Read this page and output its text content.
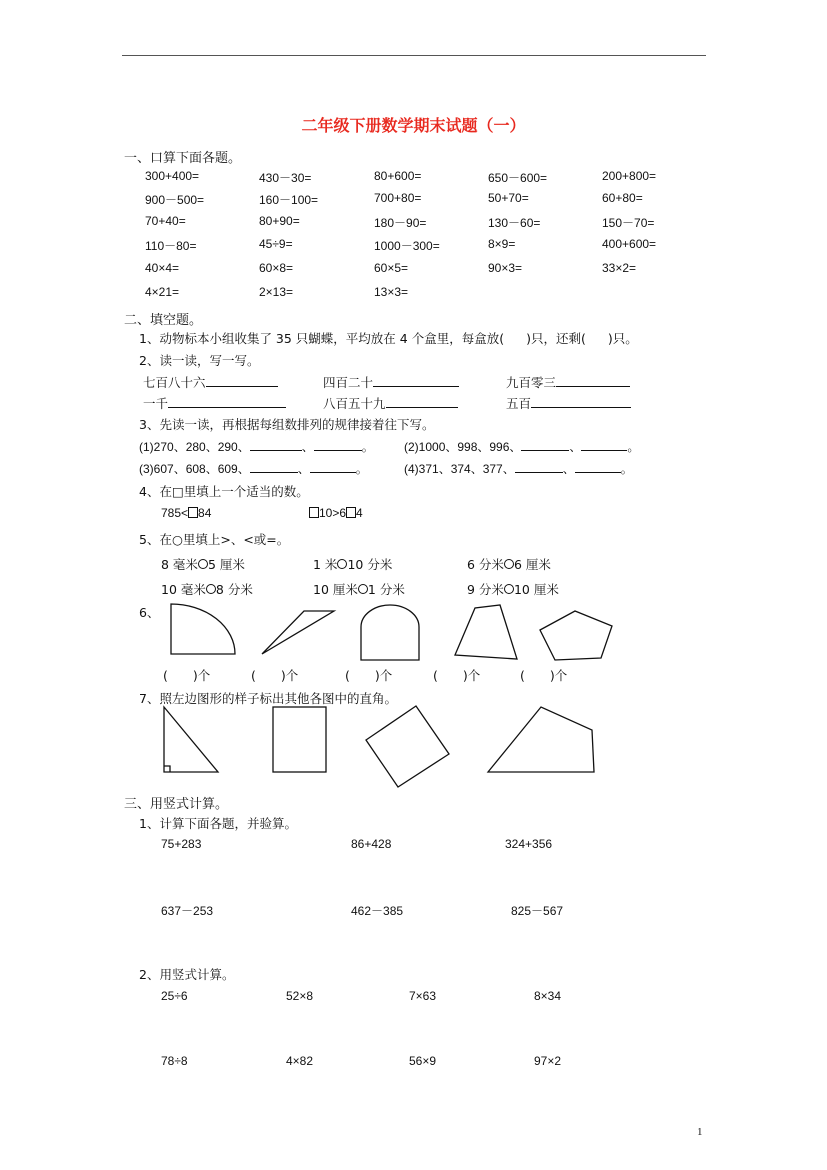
二年级下册数学期末试题（一）
一、口算下面各题。
300+400=	430－30=	80+600=	650－600=	200+800=
900－500=	160－100=	700+80=	50+70=	60+80=
70+40=	80+90=	180－90=	130－60=	150－70=
110－80=	45÷9=	1000－300=	8×9=	400+600=
40×4=	60×8=	60×5=	90×3=	33×2=
4×21=	2×13=	13×3=
二、填空题。
1、动物标本小组收集了 35 只蝴蝶，平均放在 4 个盒里，每盒放( )只，还剩( )只。
2、读一读，写一写。
七百八十六	四百二十	九百零三
一千	八百五十九	五百
3、先读一读，再根据每组数排列的规律接着往下写。
(1)270、280、290、	、	。	(2)1000、998、996、	、	。
(3)607、608、609、	、	。	(4)371、374、377、	、	。
4、在□里填上一个适当的数。
785< 84	10>6 4
5、在○里填上>、<或=。
8 毫米 5 厘米	1 米 10 分米	6 分米 6 厘米
10 毫米 8 分米	10 厘米 1 分米	9 分米 10 厘米
6、
(　　)个	(　　)个	(　　)个	(　　)个	(　　)个
7、照左边图形的样子标出其他各图中的直角。
三、用竖式计算。
1、计算下面各题，并验算。
75+283	86+428	324+356
637－253	462－385	825－567
2、用竖式计算。
25÷6	52×8	7×63	8×34
78÷8	4×82	56×9	97×2
1
